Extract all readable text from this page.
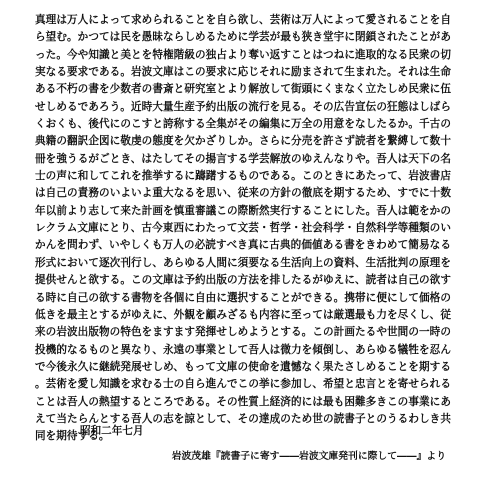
真理は万人によって求められることを自ら欲し、芸術は万人によって愛されることを自ら望む。かつては民を愚昧ならしめるために学芸が最も狭き堂宇に閉鎖されたことがあった。今や知識と美とを特権階級の独占より奪い返すことはつねに進取的なる民衆の切実なる要求である。岩波文庫はこの要求に応じそれに励まされて生まれた。それは生命ある不朽の書を少数者の書斎と研究室とより解放して街頭にくまなく立たしめ民衆に伍せしめるであろう。近時大量生産予約出版の流行を見る。その広告宣伝の狂態はしばらくおくも、後代にのこすと誇称する全集がその編集に万全の用意をなしたるか。千古の典籍の翻訳企図に敬虔の態度を欠かざりしか。さらに分売を許さず読者を繋縛して数十冊を強うるがごとき、はたしてその揚言する学芸解放のゆえんなりや。吾人は天下の名士の声に和してこれを推挙するに躊躇するものである。このときにあたって、岩波書店は自己の責務のいよいよ重大なるを思い、従来の方針の徹底を期するため、すでに十数年以前より志して来た計画を慎重審議この際断然実行することにした。吾人は範をかのレクラム文庫にとり、古今東西にわたって文芸・哲学・社会科学・自然科学等種類のいかんを問わず、いやしくも万人の必読すべき真に古典的価値ある書をきわめて簡易なる形式において逐次刊行し、あらゆる人間に須要なる生活向上の資料、生活批判の原理を提供せんと欲する。この文庫は予約出版の方法を排したるがゆえに、読者は自己の欲する時に自己の欲する書物を各個に自由に選択することができる。携帯に便にして価格の低きを最主とするがゆえに、外観を顧みざるも内容に至っては厳選最も力を尽くし、従来の岩波出版物の特色をますます発揮せしめようとする。この計画たるや世間の一時の投機的なるものと異なり、永遠の事業として吾人は微力を傾倒し、あらゆる犠牲を忍んで今後永久に継続発展せしめ、もって文庫の使命を遺憾なく果たさしめることを期する。芸術を愛し知識を求むる士の自ら進んでこの挙に参加し、希望と忠言とを寄せられることは吾人の熱望するところである。その性質上経済的には最も困難多きこの事業にあえて当たらんとする吾人の志を諒として、その達成のため世の読書子とのうるわしき共同を期待する。

昭和二年七月

岩波茂雄『読書子に寄す――岩波文庫発刊に際して――』より
